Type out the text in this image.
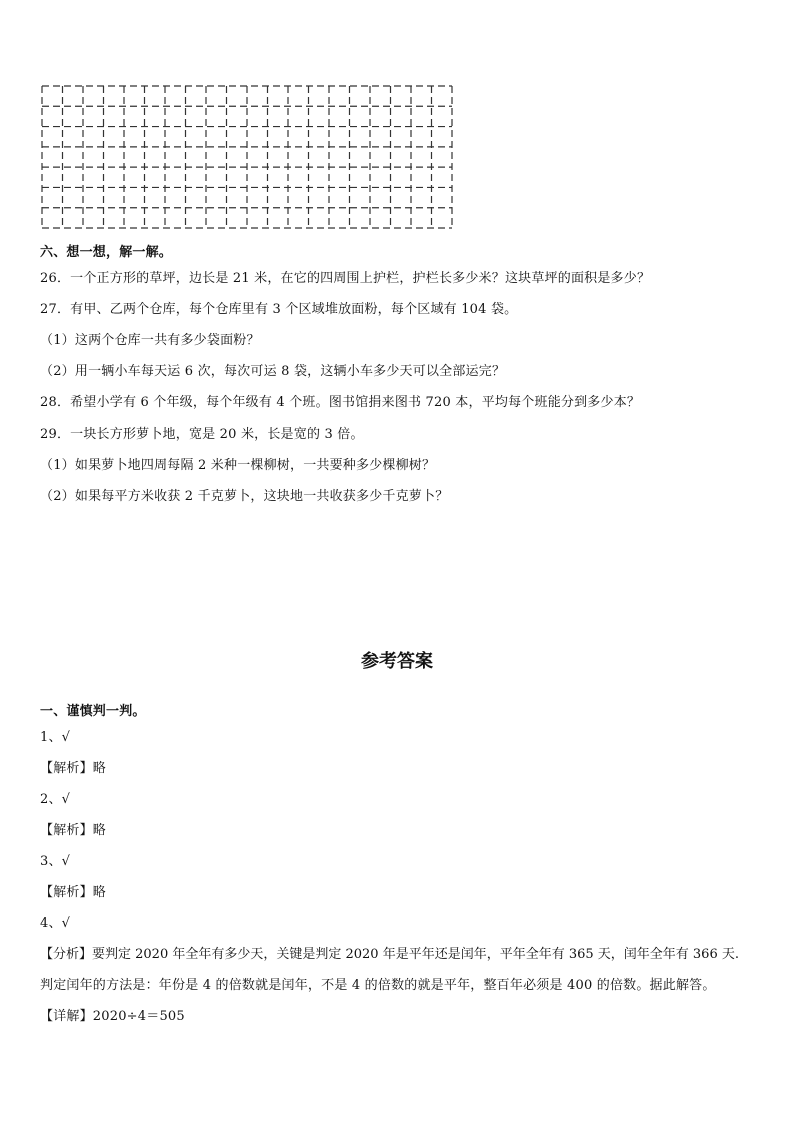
六、想一想，解一解。
26．一个正方形的草坪，边长是 21 米，在它的四周围上护栏，护栏长多少米？这块草坪的面积是多少？
27．有甲、乙两个仓库，每个仓库里有 3 个区域堆放面粉，每个区域有 104 袋。
（1）这两个仓库一共有多少袋面粉？
（2）用一辆小车每天运 6 次，每次可运 8 袋，这辆小车多少天可以全部运完？
28．希望小学有 6 个年级，每个年级有 4 个班。图书馆捐来图书 720 本，平均每个班能分到多少本？
29．一块长方形萝卜地，宽是 20 米，长是宽的 3 倍。
（1）如果萝卜地四周每隔 2 米种一棵柳树，一共要种多少棵柳树？
（2）如果每平方米收获 2 千克萝卜，这块地一共收获多少千克萝卜？
参考答案
一、谨慎判一判。
1、√
【解析】略
2、√
【解析】略
3、√
【解析】略
4、√
【分析】要判定 2020 年全年有多少天，关键是判定 2020 年是平年还是闰年，平年全年有 365 天，闰年全年有 366 天.
判定闰年的方法是：年份是 4 的倍数就是闰年，不是 4 的倍数的就是平年，整百年必须是 400 的倍数。据此解答。
【详解】2020÷4＝505
